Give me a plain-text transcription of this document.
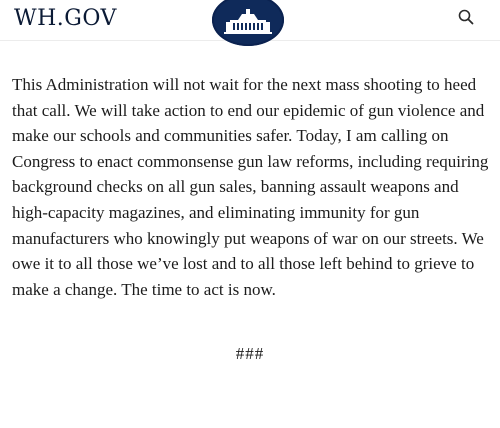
WH.GOV

This Administration will not wait for the next mass shooting to heed that call. We will take action to end our epidemic of gun violence and make our schools and communities safer. Today, I am calling on Congress to enact commonsense gun law reforms, including requiring background checks on all gun sales, banning assault weapons and high-capacity magazines, and eliminating immunity for gun manufacturers who knowingly put weapons of war on our streets. We owe it to all those we’ve lost and to all those left behind to grieve to make a change. The time to act is now.

###
